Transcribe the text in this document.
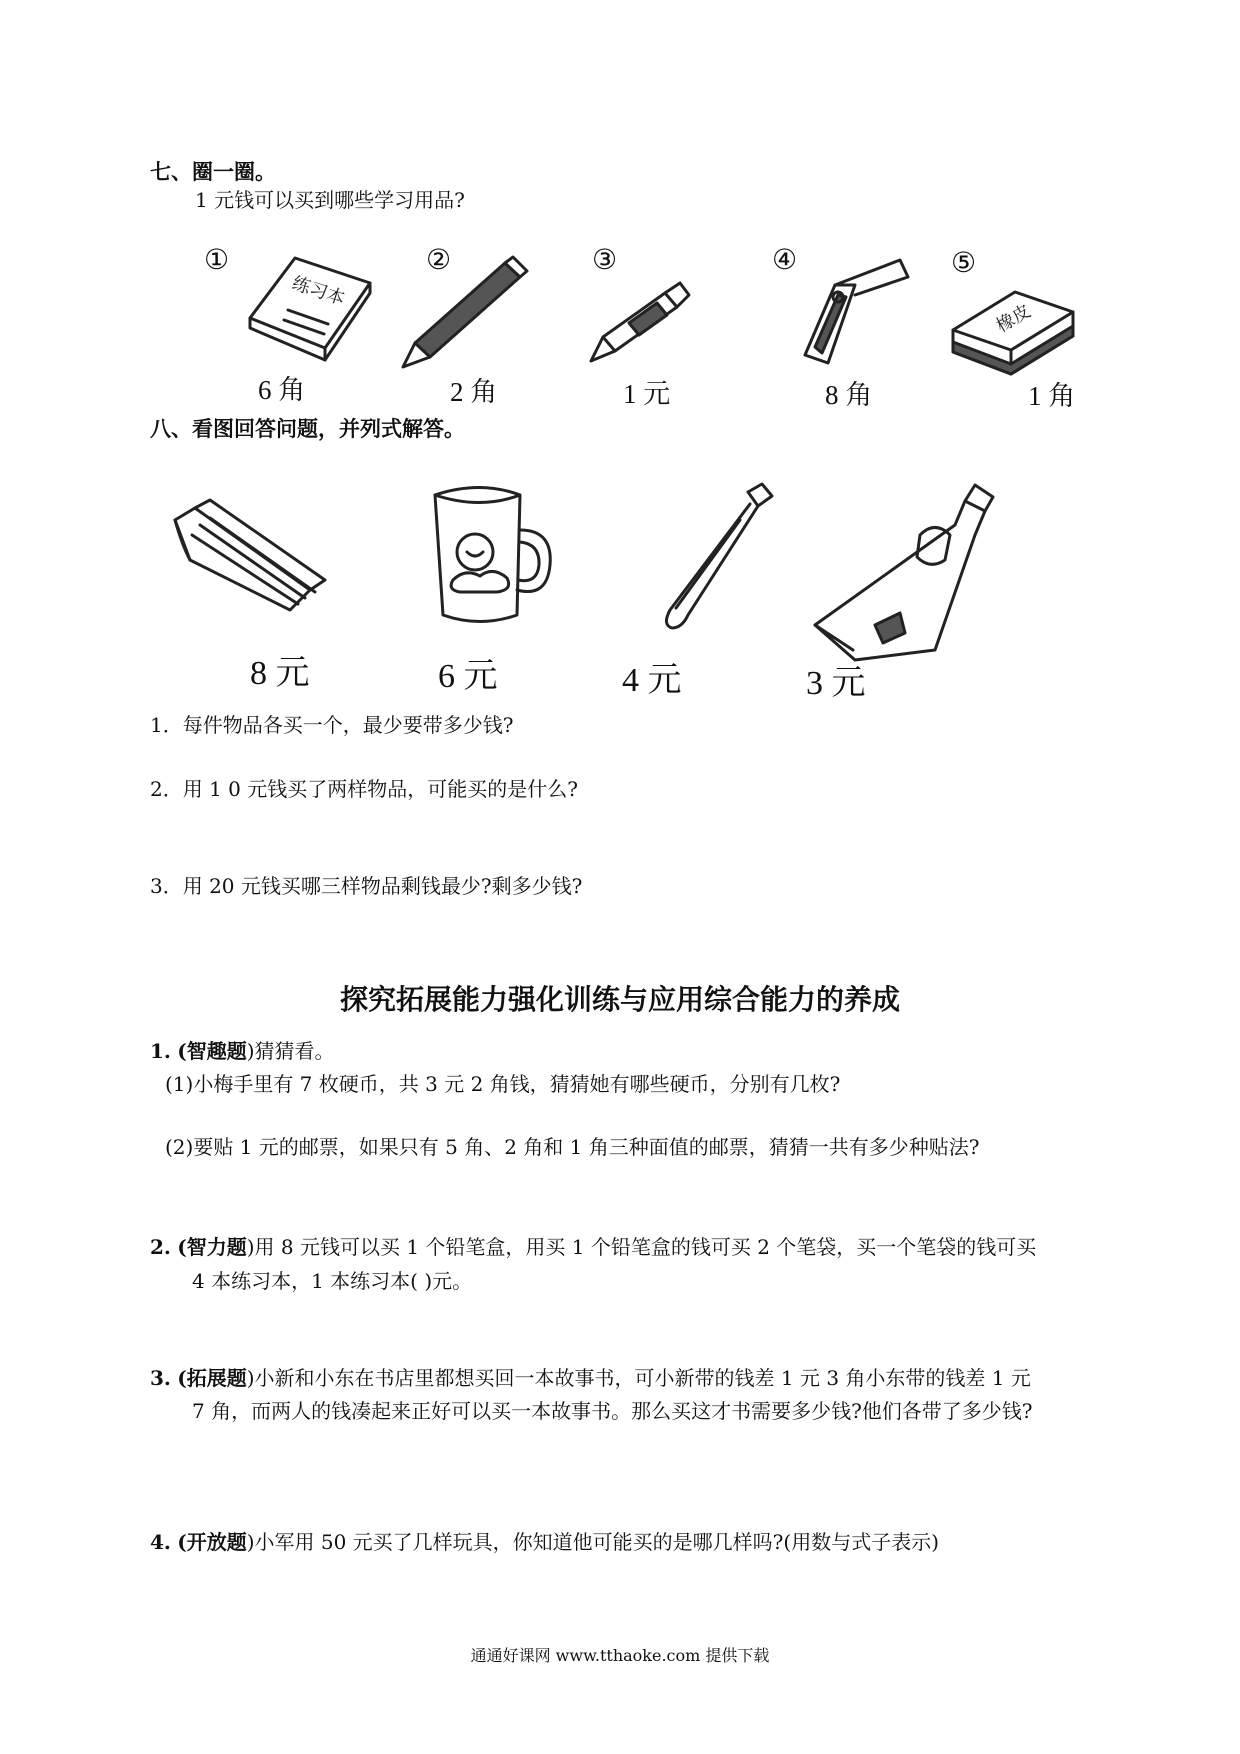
七、圈一圈。
1 元钱可以买到哪些学习用品?
①	②	③	④	⑤
练习本
橡皮
6 角	2 角	1 元	8 角	1 角
八、看图回答问题，并列式解答。
8 元	6 元	4 元	3 元
1．每件物品各买一个，最少要带多少钱?
2．用 1 0 元钱买了两样物品，可能买的是什么?
3．用 20 元钱买哪三样物品剩钱最少?剩多少钱?
探究拓展能力强化训练与应用综合能力的养成
1. (智趣题)猜猜看。
(1)小梅手里有 7 枚硬币，共 3 元 2 角钱，猜猜她有哪些硬币，分别有几枚?
(2)要贴 1 元的邮票，如果只有 5 角、2 角和 1 角三种面值的邮票，猜猜一共有多少种贴法?
2. (智力题)用 8 元钱可以买 1 个铅笔盒，用买 1 个铅笔盒的钱可买 2 个笔袋，买一个笔袋的钱可买
4 本练习本，1 本练习本( )元。
3. (拓展题)小新和小东在书店里都想买回一本故事书，可小新带的钱差 1 元 3 角小东带的钱差 1 元
7 角，而两人的钱凑起来正好可以买一本故事书。那么买这才书需要多少钱?他们各带了多少钱?
4. (开放题)小军用 50 元买了几样玩具，你知道他可能买的是哪几样吗?(用数与式子表示)
通通好课网 www.tthaoke.com 提供下载
